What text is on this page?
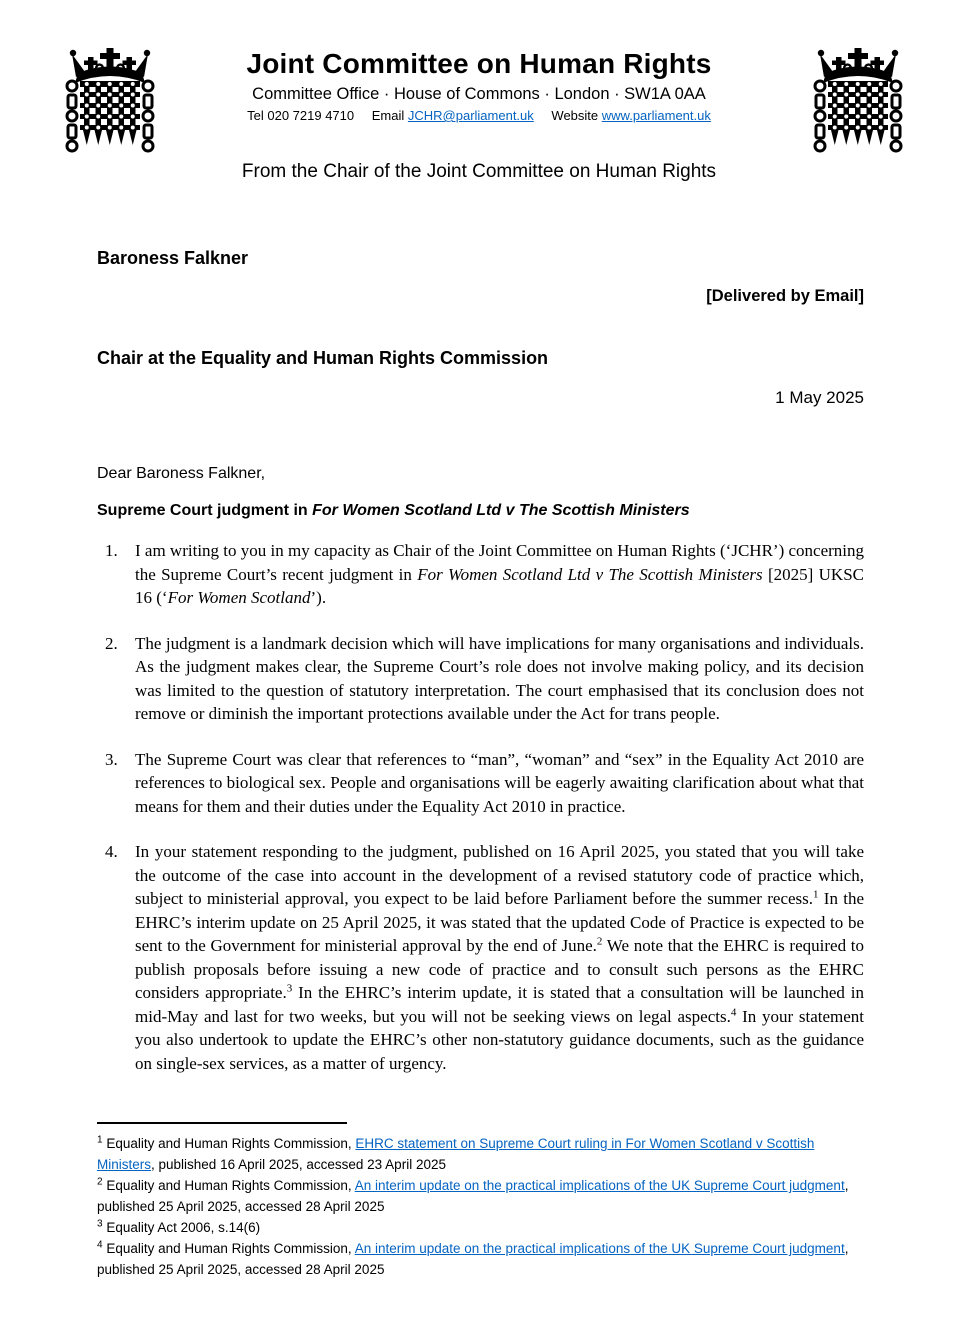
Joint Committee on Human Rights
Committee Office · House of Commons · London · SW1A 0AA
Tel 020 7219 4710 Email JCHR@parliament.uk Website www.parliament.uk
From the Chair of the Joint Committee on Human Rights
Baroness Falkner
[Delivered by Email]
Chair at the Equality and Human Rights Commission
1 May 2025
Dear Baroness Falkner,
Supreme Court judgment in For Women Scotland Ltd v The Scottish Ministers
1. I am writing to you in my capacity as Chair of the Joint Committee on Human Rights (‘JCHR’) concerning the Supreme Court’s recent judgment in For Women Scotland Ltd v The Scottish Ministers [2025] UKSC 16 (‘For Women Scotland’).
2. The judgment is a landmark decision which will have implications for many organisations and individuals. As the judgment makes clear, the Supreme Court’s role does not involve making policy, and its decision was limited to the question of statutory interpretation. The court emphasised that its conclusion does not remove or diminish the important protections available under the Act for trans people.
3. The Supreme Court was clear that references to “man”, “woman” and “sex” in the Equality Act 2010 are references to biological sex. People and organisations will be eagerly awaiting clarification about what that means for them and their duties under the Equality Act 2010 in practice.
4. In your statement responding to the judgment, published on 16 April 2025, you stated that you will take the outcome of the case into account in the development of a revised statutory code of practice which, subject to ministerial approval, you expect to be laid before Parliament before the summer recess.$^1$ In the EHRC’s interim update on 25 April 2025, it was stated that the updated Code of Practice is expected to be sent to the Government for ministerial approval by the end of June.$^2$ We note that the EHRC is required to publish proposals before issuing a new code of practice and to consult such persons as the EHRC considers appropriate.$^3$ In the EHRC’s interim update, it is stated that a consultation will be launched in mid-May and last for two weeks, but you will not be seeking views on legal aspects.$^4$ In your statement you also undertook to update the EHRC’s other non-statutory guidance documents, such as the guidance on single-sex services, as a matter of urgency.
$^1$ Equality and Human Rights Commission, EHRC statement on Supreme Court ruling in For Women Scotland v Scottish Ministers, published 16 April 2025, accessed 23 April 2025
$^2$ Equality and Human Rights Commission, An interim update on the practical implications of the UK Supreme Court judgment, published 25 April 2025, accessed 28 April 2025
$^3$ Equality Act 2006, s.14(6)
$^4$ Equality and Human Rights Commission, An interim update on the practical implications of the UK Supreme Court judgment, published 25 April 2025, accessed 28 April 2025
